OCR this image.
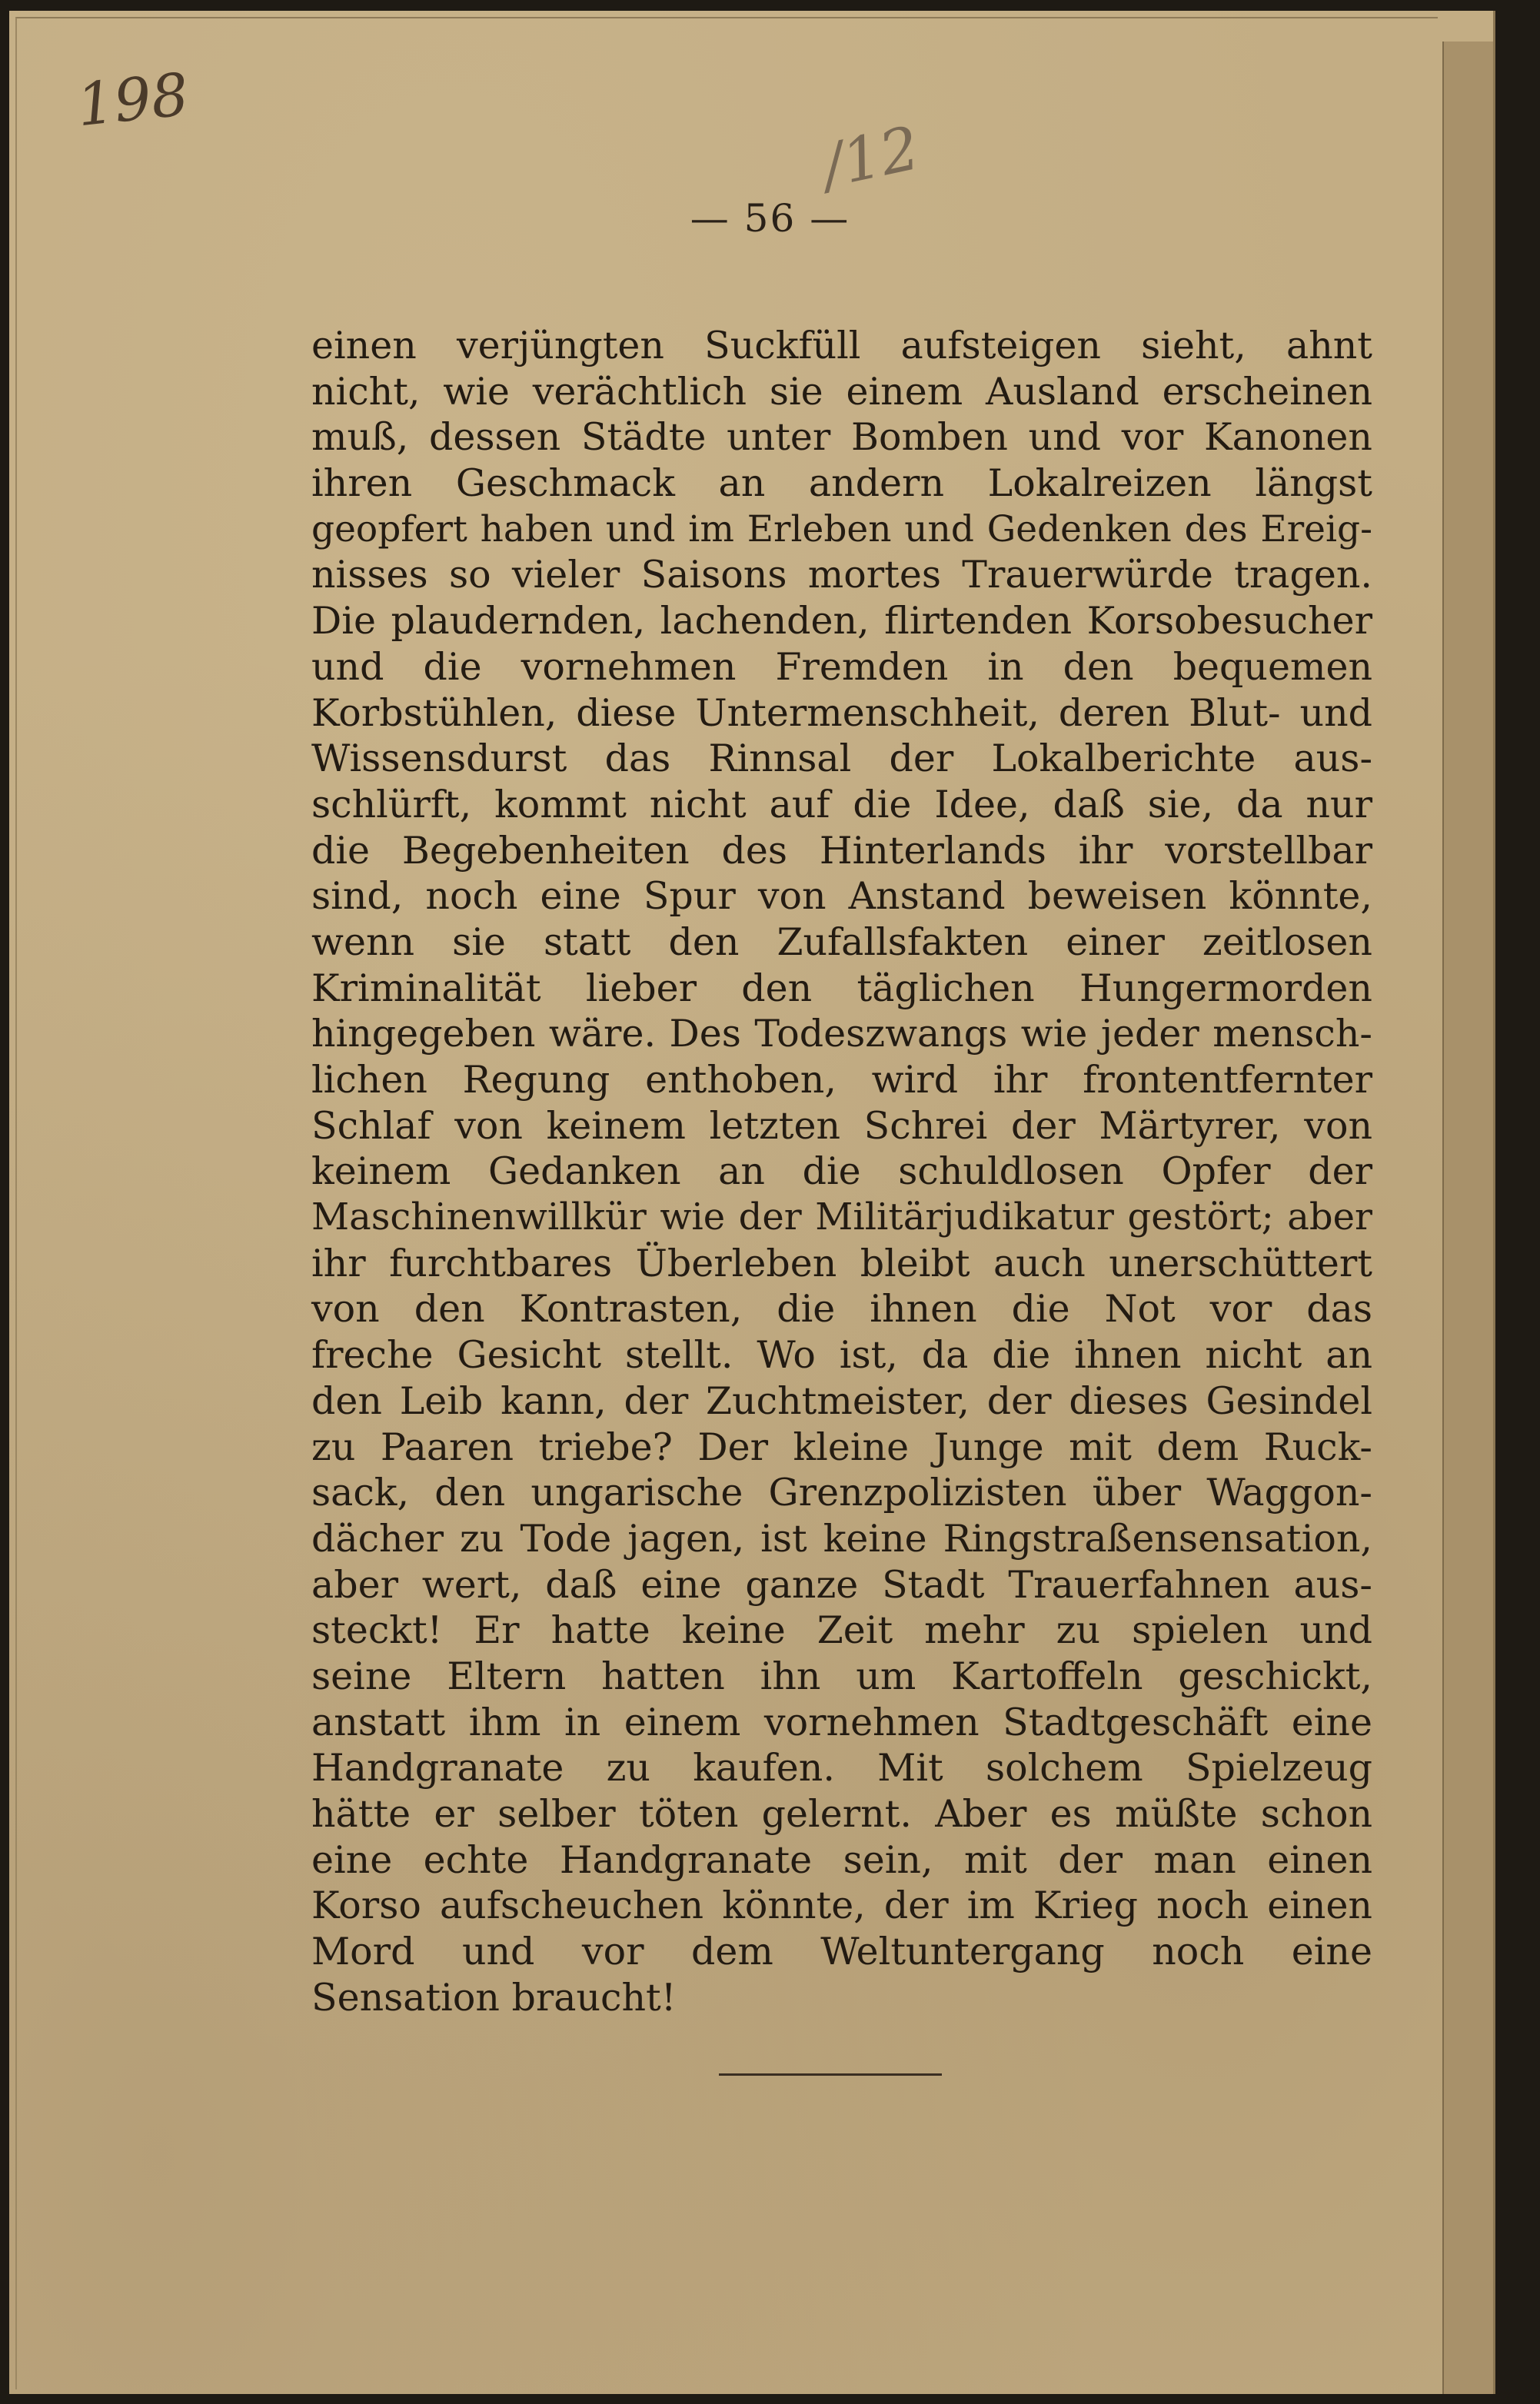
198
/12
— 56 —
einen verjüngten Suckfüll aufsteigen sieht, ahnt
nicht, wie verächtlich sie einem Ausland erscheinen
muß, dessen Städte unter Bomben und vor Kanonen
ihren Geschmack an andern Lokalreizen längst
geopfert haben und im Erleben und Gedenken des Ereig-
nisses so vieler Saisons mortes Trauerwürde tragen.
Die plaudernden, lachenden, flirtenden Korsobesucher
und die vornehmen Fremden in den bequemen
Korbstühlen, diese Untermenschheit, deren Blut- und
Wissensdurst das Rinnsal der Lokalberichte aus-
schlürft, kommt nicht auf die Idee, daß sie, da nur
die Begebenheiten des Hinterlands ihr vorstellbar
sind, noch eine Spur von Anstand beweisen könnte,
wenn sie statt den Zufallsfakten einer zeitlosen
Kriminalität lieber den täglichen Hungermorden
hingegeben wäre. Des Todeszwangs wie jeder mensch-
lichen Regung enthoben, wird ihr frontentfernter
Schlaf von keinem letzten Schrei der Märtyrer, von
keinem Gedanken an die schuldlosen Opfer der
Maschinenwillkür wie der Militärjudikatur gestört; aber
ihr furchtbares Überleben bleibt auch unerschüttert
von den Kontrasten, die ihnen die Not vor das
freche Gesicht stellt. Wo ist, da die ihnen nicht an
den Leib kann, der Zuchtmeister, der dieses Gesindel
zu Paaren triebe? Der kleine Junge mit dem Ruck-
sack, den ungarische Grenzpolizisten über Waggon-
dächer zu Tode jagen, ist keine Ringstraßensensation,
aber wert, daß eine ganze Stadt Trauerfahnen aus-
steckt! Er hatte keine Zeit mehr zu spielen und
seine Eltern hatten ihn um Kartoffeln geschickt,
anstatt ihm in einem vornehmen Stadtgeschäft eine
Handgranate zu kaufen. Mit solchem Spielzeug
hätte er selber töten gelernt. Aber es müßte schon
eine echte Handgranate sein, mit der man einen
Korso aufscheuchen könnte, der im Krieg noch einen
Mord und vor dem Weltuntergang noch eine
Sensation braucht!
